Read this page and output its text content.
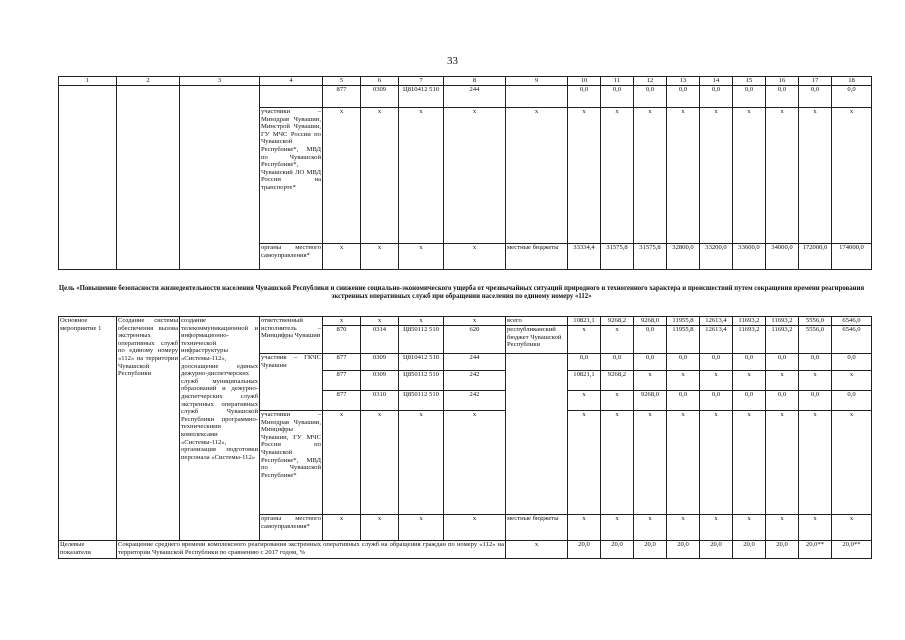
33
1	2	3	4	5	6	7	8	9	10	11	12	13	14	15	16	17	18
				877	0309	Ц810412 510	244		0,0	0,0	0,0	0,0	0,0	0,0	0,0	0,0	0,0
			участники – Минздрав Чувашии, Минстрой Чувашии, ГУ МЧС России по Чувашской Республике*, МВД по Чувашской Республике*, Чувашский ЛО МВД России на транспорте*	x	x	x	x	x	x	x	x	x	x	x	x	x	x
			органы местного самоуправления*	x	x	x	x	местные бюджеты	33334,4	31575,8	31575,8	32800,0	33200,0	33600,0	34000,0	172000,0	174000,0
Цель «Повышение безопасности жизнедеятельности населения Чувашской Республики и снижение социально-экономического ущерба от чрезвычайных ситуаций природного и техногенного характера и происшествий путем сокращения времени реагирования экстренных оперативных служб при обращении населения по единому номеру «112»
Основное мероприятие 1	Создание системы обеспечения вызова экстренных оперативных служб по единому номеру «112» на территории Чувашской Республики	создание телекоммуникационной и информационно-технической инфраструктуры «Системы-112», дооснащение единых дежурно-диспетчерских служб муниципальных образований и дежурно-диспетчерских служб экстренных оперативных служб Чувашской Республики программно-техническими комплексами «Системы-112», организация подготовки персонала «Системы-112»	ответственный исполнитель – Минцифры Чувашии	x	x	x	x	всего	10821,1	9268,2	9268,0	11955,8	12613,4	11693,2	11693,2	5556,0	6546,0
				870	0314	Ц850112 510	620	республиканский бюджет Чувашской Республики	x	x	0,0	11955,8	12613,4	11693,2	11693,2	5556,0	6546,0
			участник – ГКЧС Чувашии	877	0309	Ц810412 510	244		0,0	0,0	0,0	0,0	0,0	0,0	0,0	0,0	0,0
				877	0309	Ц850112 510	242		10821,1	9268,2	x	x	x	x	x	x	x
				877	0310	Ц850112 510	242		x	x	9268,0	0,0	0,0	0,0	0,0	0,0	0,0
			участники – Минздрав Чувашии, Минцифры Чувашии, ГУ МЧС России по Чувашской Республике*, МВД по Чувашской Республике*	x	x	x	x		x	x	x	x	x	x	x	x	x
			органы местного самоуправления*	x	x	x	x	местные бюджеты	x	x	x	x	x	x	x	x	x
Целевые показатели	Сокращение среднего времени комплексного реагирования экстренных оперативных служб на обращения граждан по номеру «112» на территории Чувашской Республики по сравнению с 2017 годом, %							x	20,0	20,0	20,0	20,0	20,0	20,0	20,0	20,0**	20,0**
